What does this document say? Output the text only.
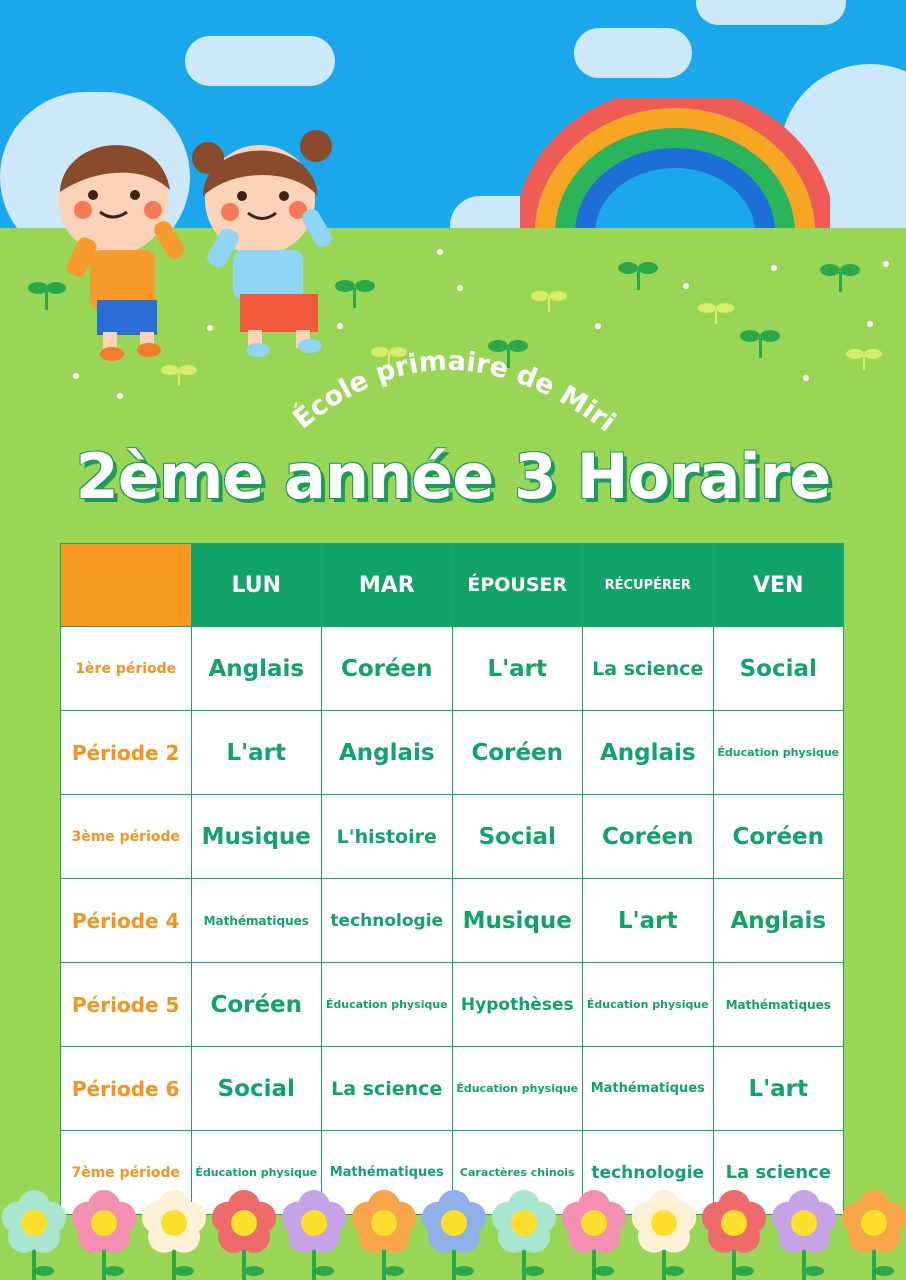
École primaire de Miri
2ème année 3 Horaire
	LUN	MAR	ÉPOUSER	RÉCUPÉRER	VEN
1ère période	Anglais	Coréen	L'art	La science	Social
Période 2	L'art	Anglais	Coréen	Anglais	Éducation physique
3ème période	Musique	L'histoire	Social	Coréen	Coréen
Période 4	Mathématiques	technologie	Musique	L'art	Anglais
Période 5	Coréen	Éducation physique	Hypothèses	Éducation physique	Mathématiques
Période 6	Social	La science	Éducation physique	Mathématiques	L'art
7ème période	Éducation physique	Mathématiques	Caractères chinois	technologie	La science
